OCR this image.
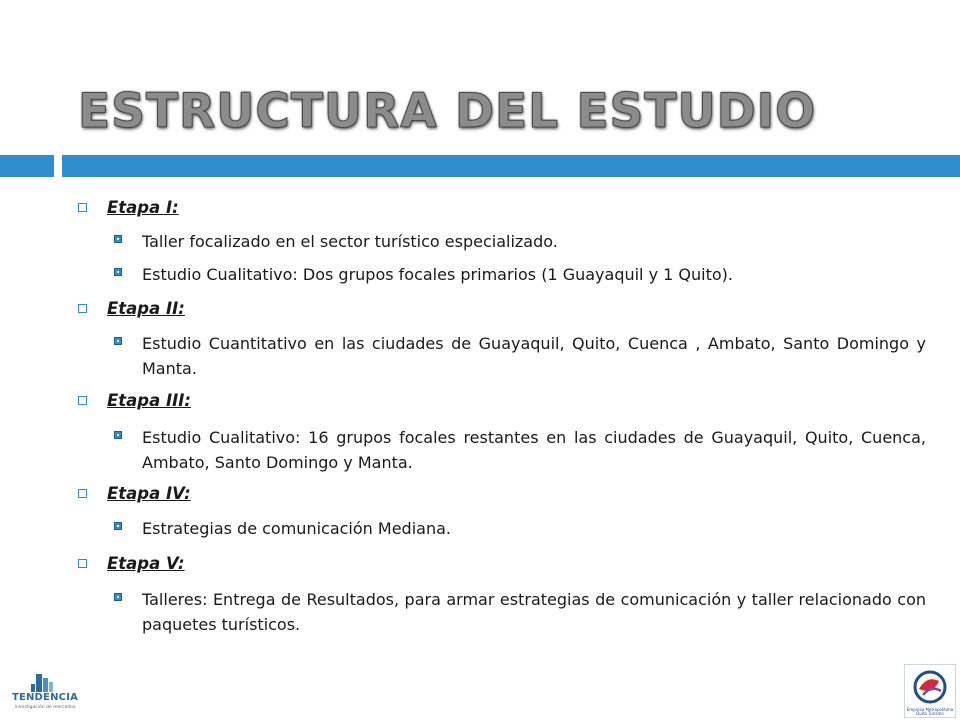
ESTRUCTURA DEL ESTUDIO
Etapa I:
Taller focalizado en el sector turístico especializado.
Estudio Cualitativo: Dos grupos focales primarios (1 Guayaquil y 1 Quito).
Etapa II:
Estudio Cuantitativo en las ciudades de Guayaquil, Quito, Cuenca , Ambato, Santo Domingo y Manta.
Etapa III:
Estudio Cualitativo: 16 grupos focales restantes en las ciudades de Guayaquil, Quito, Cuenca, Ambato, Santo Domingo y Manta.
Etapa IV:
Estrategias de comunicación Mediana.
Etapa V:
Talleres: Entrega de Resultados, para armar estrategias de comunicación y taller relacionado con paquetes turísticos.
TENDENCIA
investigación de mercados	Empresa Metropolitana Quito Turismo
